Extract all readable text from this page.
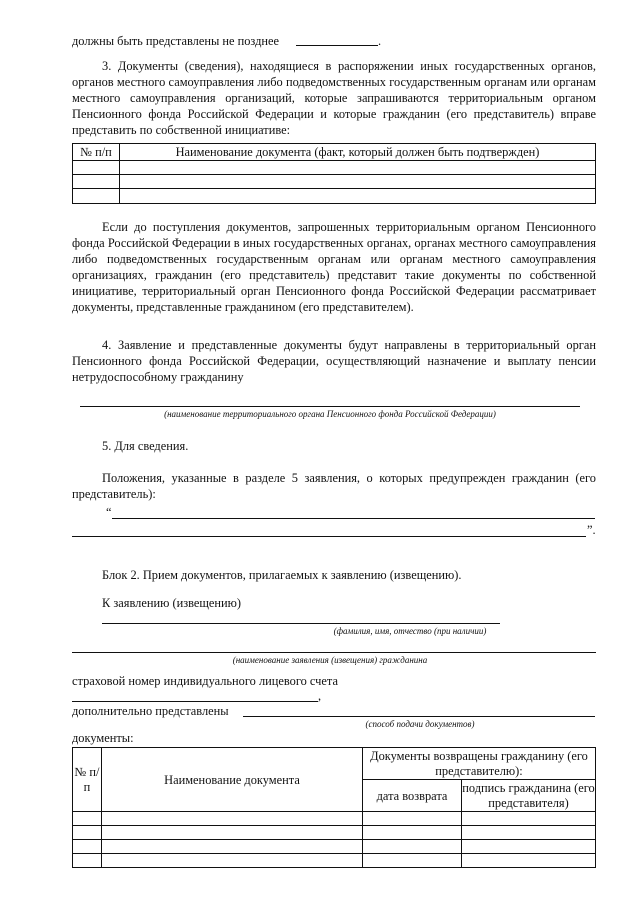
должны быть представлены не позднее	.
3. Документы (сведения), находящиеся в распоряжении иных государственных органов, органов местного самоуправления либо подведомственных государственным органам или органам местного самоуправления организаций, которые запрашиваются территориальным органом Пенсионного фонда Российской Федерации и которые гражданин (его представитель) вправе представить по собственной инициативе:
№ п/п	Наименование документа (факт, который должен быть подтвержден)

Если до поступления документов, запрошенных территориальным органом Пенсионного фонда Российской Федерации в иных государственных органах, органах местного самоуправления либо подведомственных государственным органам или органам местного самоуправления организациях, гражданин (его представитель) представит такие документы по собственной инициативе, территориальный орган Пенсионного фонда Российской Федерации рассматривает документы, представленные гражданином (его представителем).
4. Заявление и представленные документы будут направлены в территориальный орган Пенсионного фонда Российской Федерации, осуществляющий назначение и выплату пенсии нетрудоспособному гражданину
(наименование территориального органа Пенсионного фонда Российской Федерации)
5. Для сведения.
Положения, указанные в разделе 5 заявления, о которых предупрежден гражданин (его представитель):
“
”.
Блок 2. Прием документов, прилагаемых к заявлению (извещению).
К заявлению (извещению)
(фамилия, имя, отчество (при наличии)
(наименование заявления (извещения) гражданина
страховой номер индивидуального лицевого счета
,
дополнительно представлены
(способ подачи документов)
документы:
№ п/п	Наименование документа	Документы возвращены гражданину (его представителю):	
		дата возврата	подпись гражданина (его представителя)
